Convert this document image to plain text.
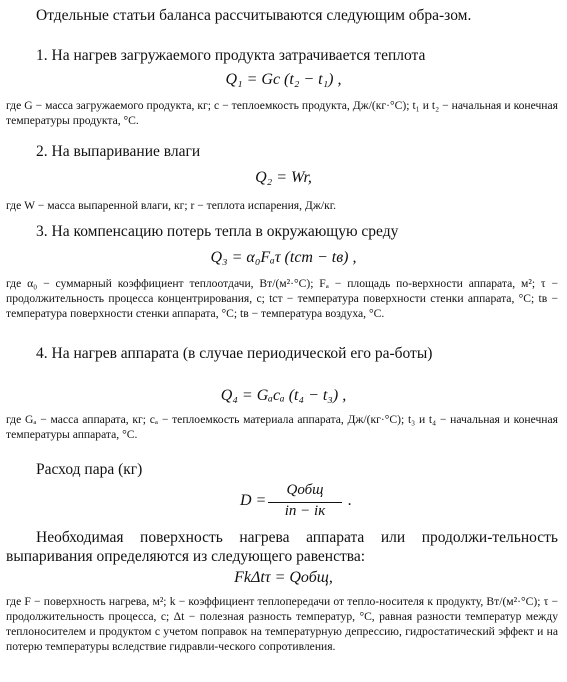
Отдельные статьи баланса рассчитываются следующим обра-зом.

1. На нагрев загружаемого продукта затрачивается теплота

Q₁ = Gc (t₂ − t₁) ,

где G − масса загружаемого продукта, кг; c − теплоемкость продукта, Дж/(кг·°C); t₁ и t₂ − начальная и конечная температуры продукта, °C.

2. На выпаривание влаги

Q₂ = Wr,

где W − масса выпаренной влаги, кг; r − теплота испарения, Дж/кг.

3. На компенсацию потерь тепла в окружающую среду

Q₃ = α₀Fₐτ (tст − tв) ,

где α₀ − суммарный коэффициент теплоотдачи, Вт/(м²·°C); Fₐ − площадь по-верхности аппарата, м²; τ − продолжительность процесса концентрирования, с; tст − температура поверхности стенки аппарата, °C; tв − температура поверхности стенки аппарата, °C; tв − температура воздуха, °C.

4. На нагрев аппарата (в случае периодической его ра-боты)

Q₄ = Gₐcₐ (t₄ − t₃) ,

где Gₐ − масса аппарата, кг; cₐ − теплоемкость материала аппарата, Дж/(кг·°C); t₃ и t₄ − начальная и конечная температуры аппарата, °C.

Расход пара (кг)

D =
Qобщ
iп − iк
.

Необходимая поверхность нагрева аппарата или продолжи-тельность выпаривания определяются из следующего равенства:

FkΔtτ = Qобщ,

где F − поверхность нагрева, м²; k − коэффициент теплопередачи от тепло-носителя к продукту, Вт/(м²·°C); τ − продолжительность процесса, с; Δt − полезная разность температур, °C, равная разности температур между теплоносителем и продуктом с учетом поправок на температурную депрессию, гидростатический эффект и на потерю температуры вследствие гидравли-ческого сопротивления.
